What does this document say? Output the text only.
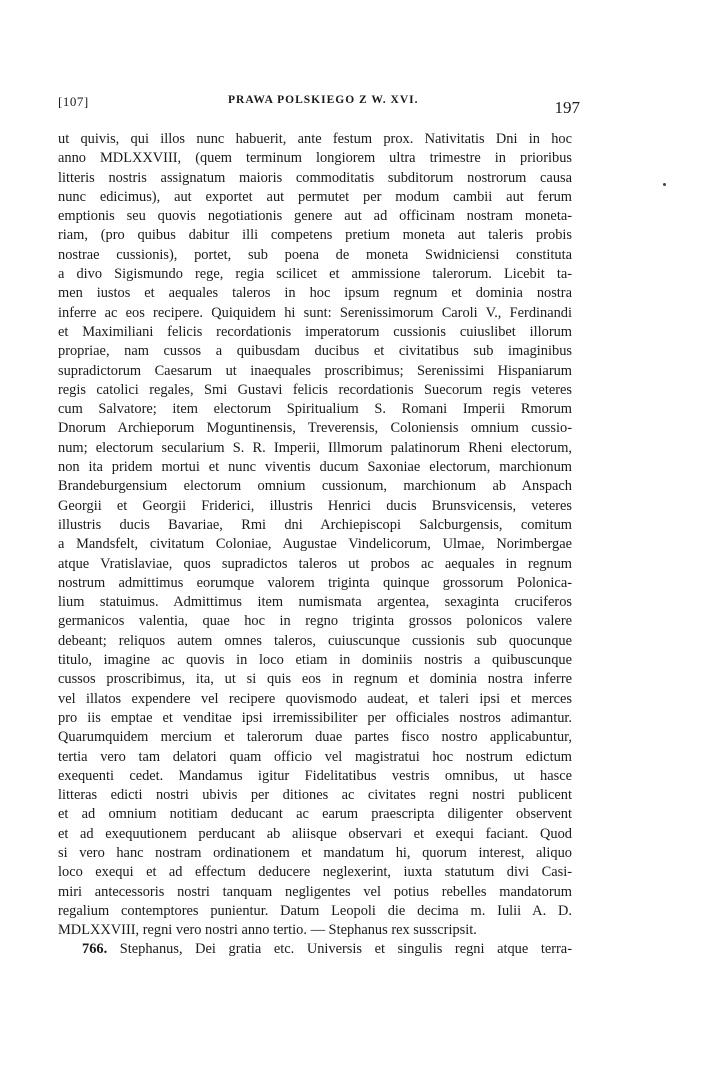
[107]	PRAWA POLSKIEGO Z W. XVI.	197
ut quivis, qui illos nunc habuerit, ante festum prox. Nativitatis Dni in hoc
anno MDLXXVIII, (quem terminum longiorem ultra trimestre in prioribus
litteris nostris assignatum maioris commoditatis subditorum nostrorum causa
nunc edicimus), aut exportet aut permutet per modum cambii aut ferum
emptionis seu quovis negotiationis genere aut ad officinam nostram moneta-
riam, (pro quibus dabitur illi competens pretium moneta aut taleris probis
nostrae cussionis), portet, sub poena de moneta Swidniciensi constituta
a divo Sigismundo rege, regia scilicet et ammissione talerorum. Licebit ta-
men iustos et aequales taleros in hoc ipsum regnum et dominia nostra
inferre ac eos recipere. Quiquidem hi sunt: Serenissimorum Caroli V., Ferdinandi
et Maximiliani felicis recordationis imperatorum cussionis cuiuslibet illorum
propriae, nam cussos a quibusdam ducibus et civitatibus sub imaginibus
supradictorum Caesarum ut inaequales proscribimus; Serenissimi Hispaniarum
regis catolici regales, Smi Gustavi felicis recordationis Suecorum regis veteres
cum Salvatore; item electorum Spiritualium S. Romani Imperii Rmorum
Dnorum Archieporum Moguntinensis, Treverensis, Coloniensis omnium cussio-
num; electorum secularium S. R. Imperii, Illmorum palatinorum Rheni electorum,
non ita pridem mortui et nunc viventis ducum Saxoniae electorum, marchionum
Brandeburgensium electorum omnium cussionum, marchionum ab Anspach
Georgii et Georgii Friderici, illustris Henrici ducis Brunsvicensis, veteres
illustris ducis Bavariae, Rmi dni Archiepiscopi Salcburgensis, comitum
a Mandsfelt, civitatum Coloniae, Augustae Vindelicorum, Ulmae, Norimbergae
atque Vratislaviae, quos supradictos taleros ut probos ac aequales in regnum
nostrum admittimus eorumque valorem triginta quinque grossorum Polonica-
lium statuimus. Admittimus item numismata argentea, sexaginta cruciferos
germanicos valentia, quae hoc in regno triginta grossos polonicos valere
debeant; reliquos autem omnes taleros, cuiuscunque cussionis sub quocunque
titulo, imagine ac quovis in loco etiam in dominiis nostris a quibuscunque
cussos proscribimus, ita, ut si quis eos in regnum et dominia nostra inferre
vel illatos expendere vel recipere quovismodo audeat, et taleri ipsi et merces
pro iis emptae et venditae ipsi irremissibiliter per officiales nostros adimantur.
Quarumquidem mercium et talerorum duae partes fisco nostro applicabuntur,
tertia vero tam delatori quam officio vel magistratui hoc nostrum edictum
exequenti cedet. Mandamus igitur Fidelitatibus vestris omnibus, ut hasce
litteras edicti nostri ubivis per ditiones ac civitates regni nostri publicent
et ad omnium notitiam deducant ac earum praescripta diligenter observent
et ad exequutionem perducant ab aliisque observari et exequi faciant. Quod
si vero hanc nostram ordinationem et mandatum hi, quorum interest, aliquo
loco exequi et ad effectum deducere neglexerint, iuxta statutum divi Casi-
miri antecessoris nostri tanquam negligentes vel potius rebelles mandatorum
regalium contemptores punientur. Datum Leopoli die decima m. Iulii A. D.
MDLXXVIII, regni vero nostri anno tertio. — Stephanus rex susscripsit.
766. Stephanus, Dei gratia etc. Universis et singulis regni atque terra-
